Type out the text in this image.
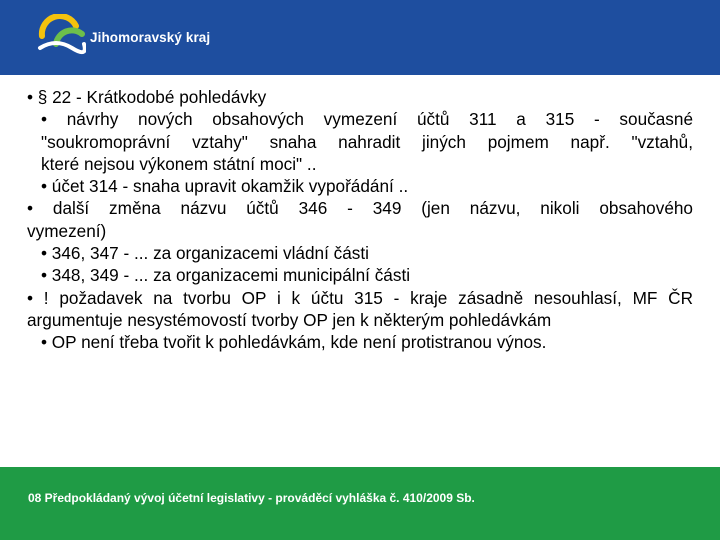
Jihomoravský kraj

• § 22 - Krátkodobé pohledávky

• návrhy nových obsahových vymezení účtů 311 a 315 - současné

"soukromoprávní vztahy" snaha nahradit jiných pojmem např. "vztahů,

které nejsou výkonem státní moci" ..

• účet 314 - snaha upravit okamžik vypořádání ..

• další změna názvu účtů 346 - 349 (jen názvu, nikoli obsahového

vymezení)

• 346, 347 - ... za organizacemi vládní části

• 348, 349 - ... za organizacemi municipální části

• ! požadavek na tvorbu OP i k účtu 315 - kraje zásadně nesouhlasí, MF ČR

argumentuje nesystémovostí tvorby OP jen k některým pohledávkám

• OP není třeba tvořit k pohledávkám, kde není protistranou výnos.

08 Předpokládaný vývoj účetní legislativy - prováděcí vyhláška č. 410/2009 Sb.
